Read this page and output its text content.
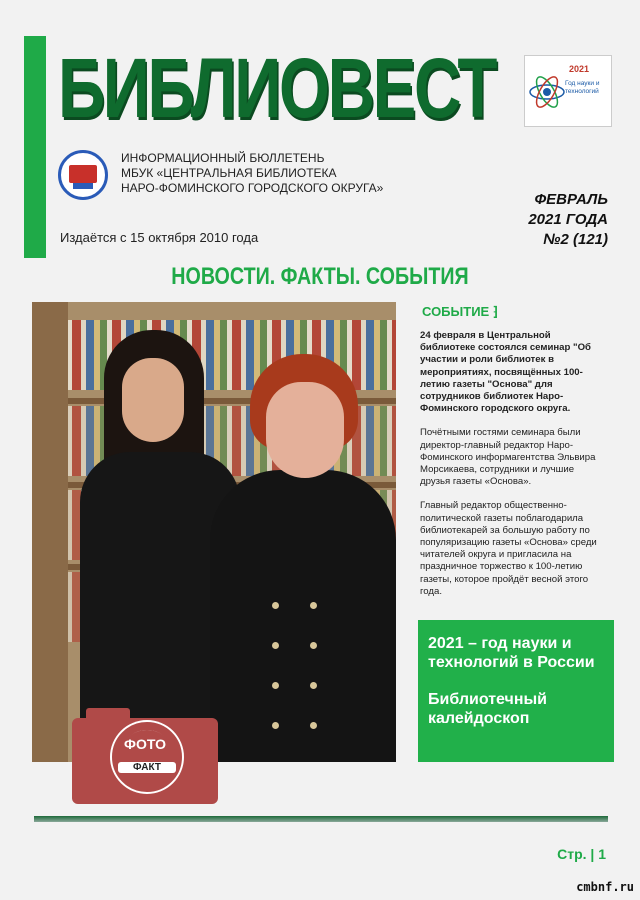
БИБЛИОВЕСТ	2021
Год науки и технологий
ИНФОРМАЦИОННЫЙ БЮЛЛЕТЕНЬ
МБУК «ЦЕНТРАЛЬНАЯ БИБЛИОТЕКА
НАРО-ФОМИНСКОГО ГОРОДСКОГО ОКРУГА»
Издаётся с 15 октября 2010 года
ФЕВРАЛЬ
2021 ГОДА
№2 (121)
НОВОСТИ. ФАКТЫ. СОБЫТИЯ
ФОТО
ФАКТ
СОБЫТИЕ ⁆

24 февраля в Центральной библиотеке состоялся семинар "Об участии и роли библиотек в мероприятиях, посвящённых 100-летию газеты "Основа" для сотрудников библиотек Наро-Фоминского городского округа.

Почётными гостями семинара были директор-главный редактор Наро-Фоминского информагентства Эльвира Морсикаева, сотрудники и лучшие друзья газеты «Основа».

Главный редактор общественно-политической газеты поблагодарила библиотекарей за большую работу по популяризацию газеты «Основа» среди читателей округа и пригласила на праздничное торжество к 100-летию газеты, которое пройдёт весной этого года.

2021 – год науки и технологий в России
Библиотечный калейдоскоп
Стр. | 1
cmbnf.ru
